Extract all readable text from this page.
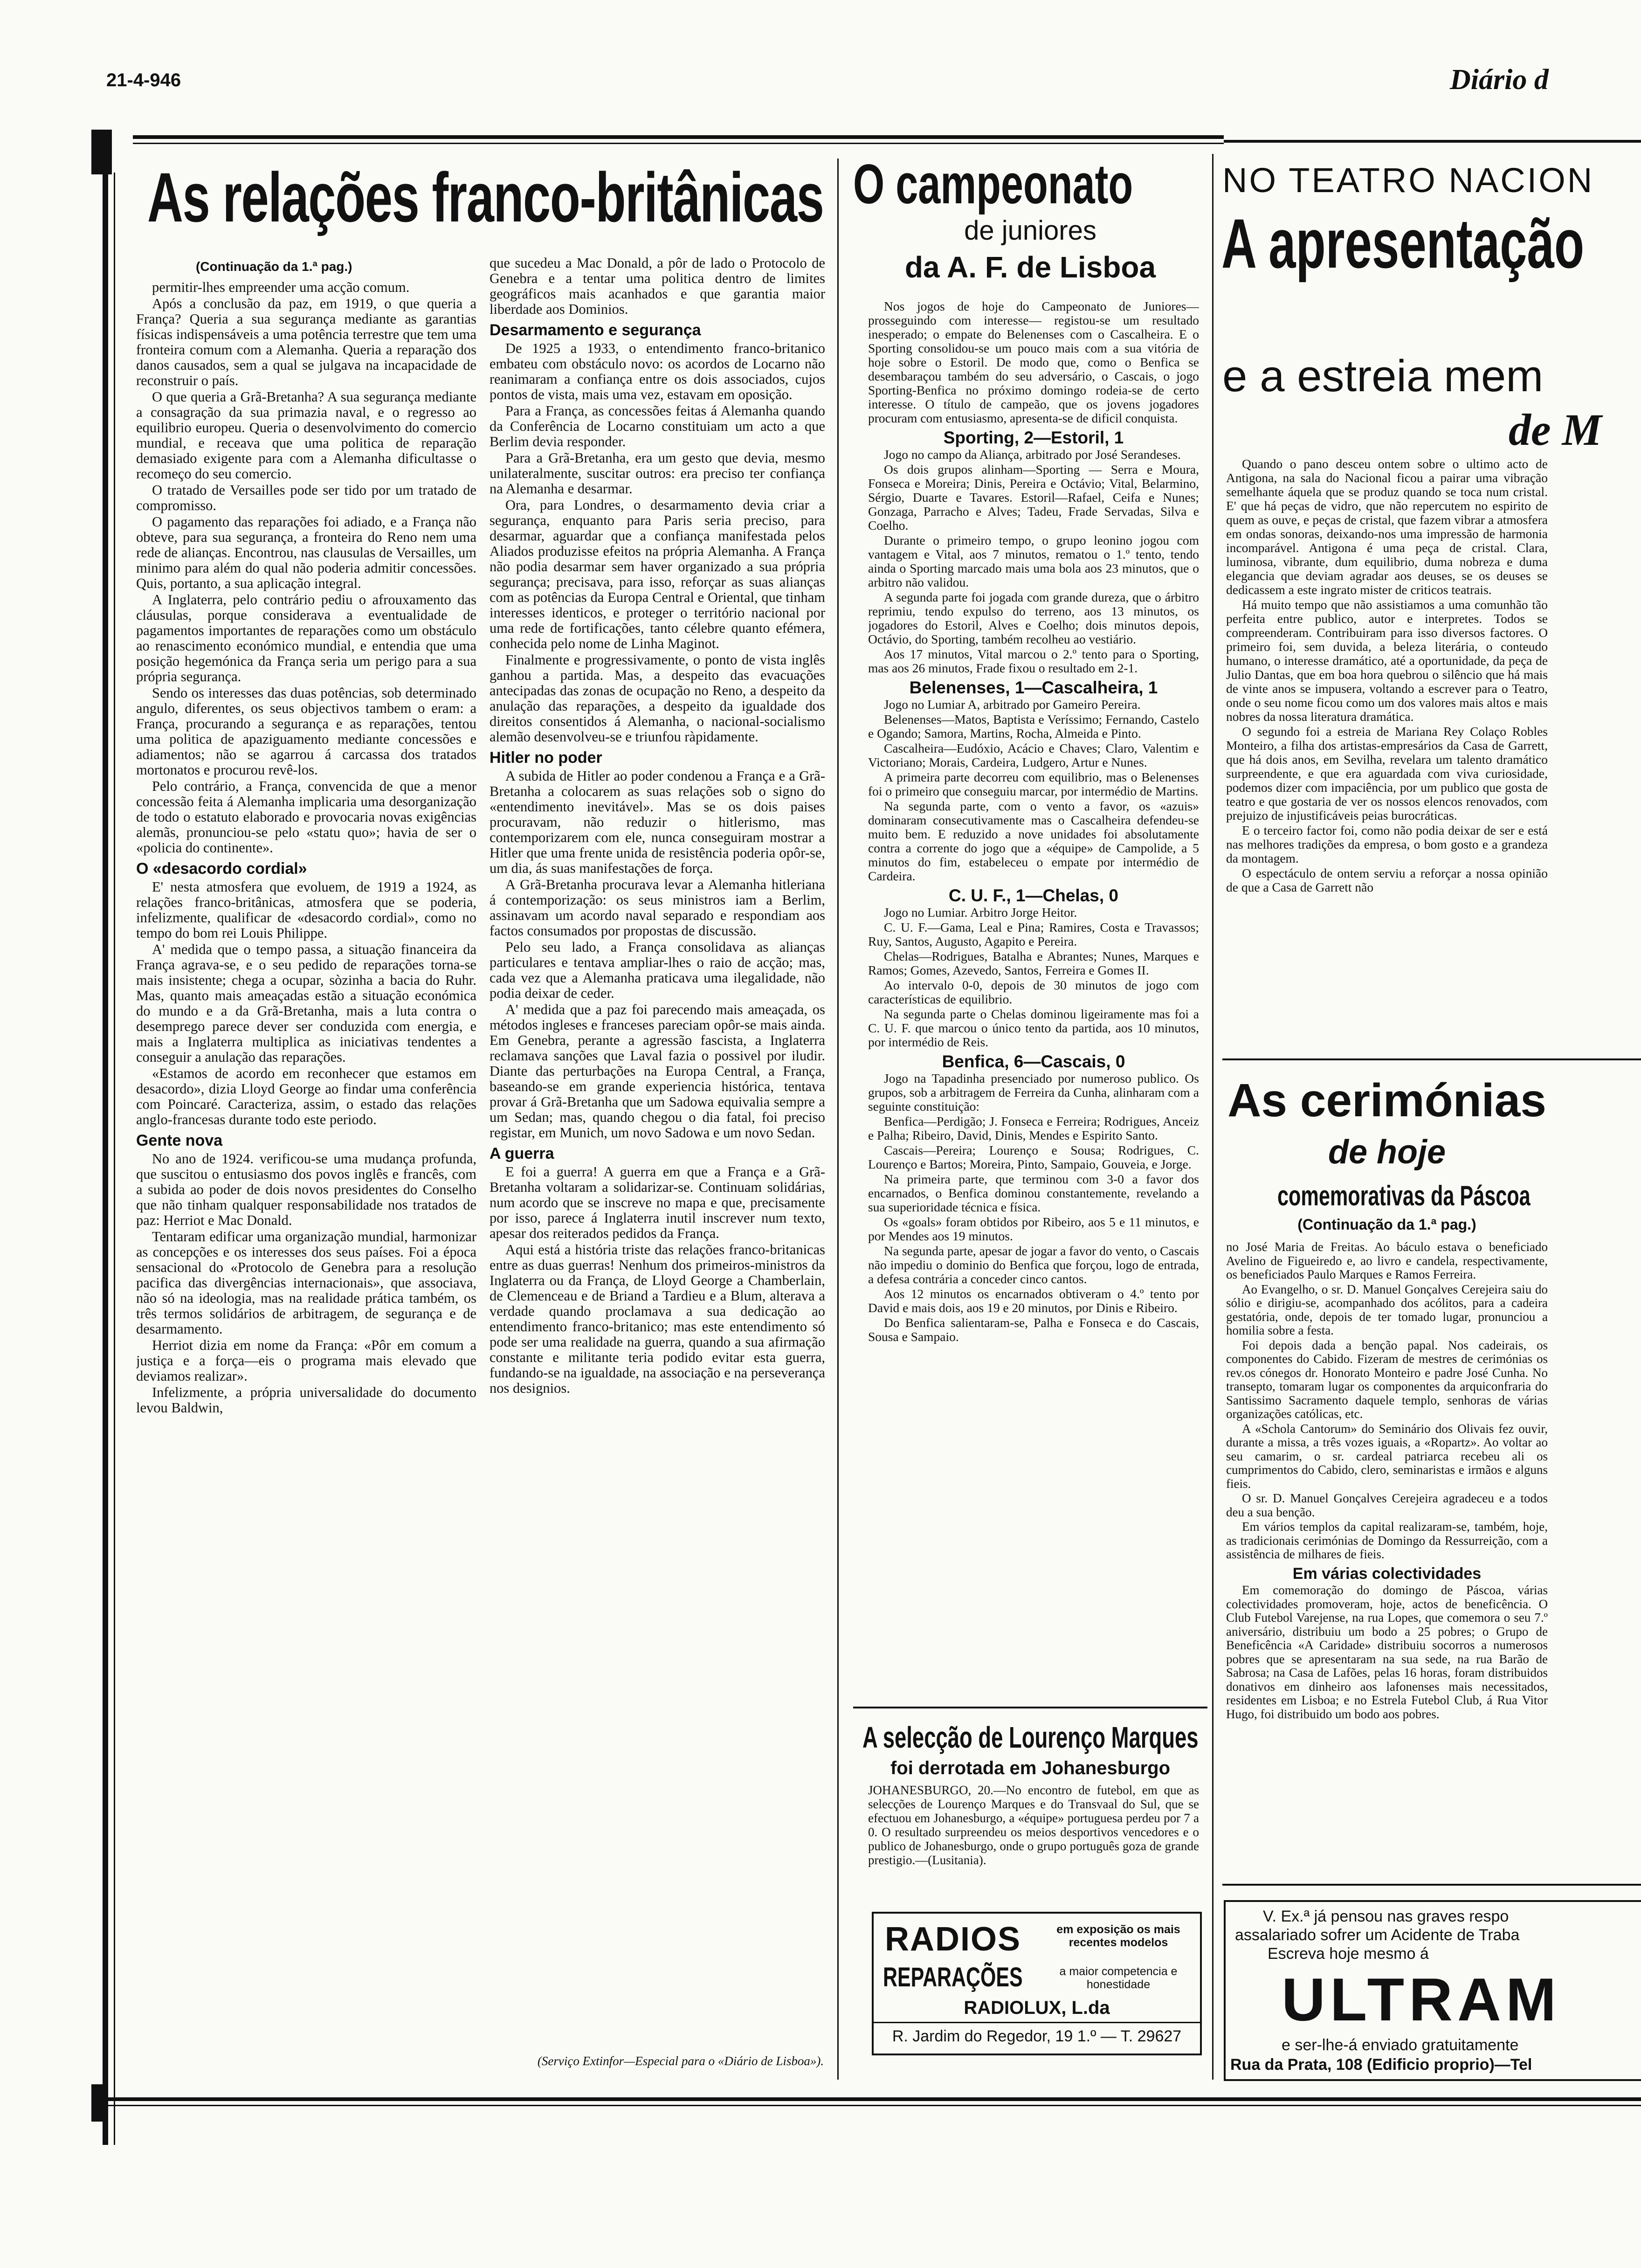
21-4-946	Diário d
As relações franco-britânicas
(Continuação da 1.ª pag.)

permitir-lhes empreender uma acção comum.

Após a conclusão da paz, em 1919, o que queria a França? Queria a sua segurança mediante as garantias físicas indispensáveis a uma potência terrestre que tem uma fronteira comum com a Alemanha. Queria a reparação dos danos causados, sem a qual se julgava na incapacidade de reconstruir o país.

O que queria a Grã-Bretanha? A sua segurança mediante a consagração da sua primazia naval, e o regresso ao equilibrio europeu. Queria o desenvolvimento do comercio mundial, e receava que uma politica de reparação demasiado exigente para com a Alemanha dificultasse o recomeço do seu comercio.

O tratado de Versailles pode ser tido por um tratado de compromisso.

O pagamento das reparações foi adiado, e a França não obteve, para sua segurança, a fronteira do Reno nem uma rede de alianças. Encontrou, nas clausulas de Versailles, um minimo para além do qual não poderia admitir concessões. Quis, portanto, a sua aplicação integral.

A Inglaterra, pelo contrário pediu o afrouxamento das cláusulas, porque considerava a eventualidade de pagamentos importantes de reparações como um obstáculo ao renascimento económico mundial, e entendia que uma posição hegemónica da França seria um perigo para a sua própria segurança.

Sendo os interesses das duas potências, sob determinado angulo, diferentes, os seus objectivos tambem o eram: a França, procurando a segurança e as reparações, tentou uma politica de apaziguamento mediante concessões e adiamentos; não se agarrou á carcassa dos tratados mortonatos e procurou revê-los.

Pelo contrário, a França, convencida de que a menor concessão feita á Alemanha implicaria uma desorganização de todo o estatuto elaborado e provocaria novas exigências alemãs, pronunciou-se pelo «statu quo»; havia de ser o «policia do continente».

O «desacordo cordial»

E' nesta atmosfera que evoluem, de 1919 a 1924, as relações franco-britânicas, atmosfera que se poderia, infelizmente, qualificar de «desacordo cordial», como no tempo do bom rei Louis Philippe.

A' medida que o tempo passa, a situação financeira da França agrava-se, e o seu pedido de reparações torna-se mais insistente; chega a ocupar, sòzinha a bacia do Ruhr. Mas, quanto mais ameaçadas estão a situação económica do mundo e a da Grã-Bretanha, mais a luta contra o desemprego parece dever ser conduzida com energia, e mais a Inglaterra multiplica as iniciativas tendentes a conseguir a anulação das reparações.

«Estamos de acordo em reconhecer que estamos em desacordo», dizia Lloyd George ao findar uma conferência com Poincaré. Caracteriza, assim, o estado das relações anglo-francesas durante todo este periodo.

Gente nova

No ano de 1924. verificou-se uma mudança profunda, que suscitou o entusiasmo dos povos inglês e francês, com a subida ao poder de dois novos presidentes do Conselho que não tinham qualquer responsabilidade nos tratados de paz: Herriot e Mac Donald.

Tentaram edificar uma organização mundial, harmonizar as concepções e os interesses dos seus países. Foi a época sensacional do «Protocolo de Genebra para a resolução pacifica das divergências internacionais», que associava, não só na ideologia, mas na realidade prática também, os três termos solidários de arbitragem, de segurança e de desarmamento.

Herriot dizia em nome da França: «Pôr em comum a justiça e a força—eis o programa mais elevado que deviamos realizar».

Infelizmente, a própria universalidade do documento levou Baldwin,

que sucedeu a Mac Donald, a pôr de lado o Protocolo de Genebra e a tentar uma politica dentro de limites geográficos mais acanhados e que garantia maior liberdade aos Dominios.

Desarmamento e segurança

De 1925 a 1933, o entendimento franco-britanico embateu com obstáculo novo: os acordos de Locarno não reanimaram a confiança entre os dois associados, cujos pontos de vista, mais uma vez, estavam em oposição.

Para a França, as concessões feitas á Alemanha quando da Conferência de Locarno constituiam um acto a que Berlim devia responder.

Para a Grã-Bretanha, era um gesto que devia, mesmo unilateralmente, suscitar outros: era preciso ter confiança na Alemanha e desarmar.

Ora, para Londres, o desarmamento devia criar a segurança, enquanto para Paris seria preciso, para desarmar, aguardar que a confiança manifestada pelos Aliados produzisse efeitos na própria Alemanha. A França não podia desarmar sem haver organizado a sua própria segurança; precisava, para isso, reforçar as suas alianças com as potências da Europa Central e Oriental, que tinham interesses identicos, e proteger o território nacional por uma rede de fortificações, tanto célebre quanto efémera, conhecida pelo nome de Linha Maginot.

Finalmente e progressivamente, o ponto de vista inglês ganhou a partida. Mas, a despeito das evacuações antecipadas das zonas de ocupação no Reno, a despeito da anulação das reparações, a despeito da igualdade dos direitos consentidos á Alemanha, o nacional-socialismo alemão desenvolveu-se e triunfou ràpidamente.

Hitler no poder

A subida de Hitler ao poder condenou a França e a Grã-Bretanha a colocarem as suas relações sob o signo do «entendimento inevitável». Mas se os dois paises procuravam, não reduzir o hitlerismo, mas contemporizarem com ele, nunca conseguiram mostrar a Hitler que uma frente unida de resistência poderia opôr-se, um dia, ás suas manifestações de força.

A Grã-Bretanha procurava levar a Alemanha hitleriana á contemporização: os seus ministros iam a Berlim, assinavam um acordo naval separado e respondiam aos factos consumados por propostas de discussão.

Pelo seu lado, a França consolidava as alianças particulares e tentava ampliar-lhes o raio de acção; mas, cada vez que a Alemanha praticava uma ilegalidade, não podia deixar de ceder.

A' medida que a paz foi parecendo mais ameaçada, os métodos ingleses e franceses pareciam opôr-se mais ainda. Em Genebra, perante a agressão fascista, a Inglaterra reclamava sanções que Laval fazia o possivel por iludir. Diante das perturbações na Europa Central, a França, baseando-se em grande experiencia histórica, tentava provar á Grã-Bretanha que um Sadowa equivalia sempre a um Sedan; mas, quando chegou o dia fatal, foi preciso registar, em Munich, um novo Sadowa e um novo Sedan.

A guerra

E foi a guerra! A guerra em que a França e a Grã-Bretanha voltaram a solidarizar-se. Continuam solidárias, num acordo que se inscreve no mapa e que, precisamente por isso, parece á Inglaterra inutil inscrever num texto, apesar dos reiterados pedidos da França.

Aqui está a história triste das relações franco-britanicas entre as duas guerras! Nenhum dos primeiros-ministros da Inglaterra ou da França, de Lloyd George a Chamberlain, de Clemenceau e de Briand a Tardieu e a Blum, alterava a verdade quando proclamava a sua dedicação ao entendimento franco-britanico; mas este entendimento só pode ser uma realidade na guerra, quando a sua afirmação constante e militante teria podido evitar esta guerra, fundando-se na igualdade, na associação e na perseverança nos designios.

(Serviço Extinfor—Especial para o «Diário de Lisboa»).
O campeonato
de juniores
da A. F. de Lisboa

Nos jogos de hoje do Campeonato de Juniores—prosseguindo com interesse— registou-se um resultado inesperado; o empate do Belenenses com o Cascalheira. E o Sporting consolidou-se um pouco mais com a sua vitória de hoje sobre o Estoril. De modo que, como o Benfica se desembaraçou também do seu adversário, o Cascais, o jogo Sporting-Benfica no próximo domingo rodeia-se de certo interesse. O título de campeão, que os jovens jogadores procuram com entusiasmo, apresenta-se de dificil conquista.

Sporting, 2—Estoril, 1

Jogo no campo da Aliança, arbitrado por José Serandeses.

Os dois grupos alinham—Sporting — Serra e Moura, Fonseca e Moreira; Dinis, Pereira e Octávio; Vital, Belarmino, Sérgio, Duarte e Tavares. Estoril—Rafael, Ceifa e Nunes; Gonzaga, Parracho e Alves; Tadeu, Frade Servadas, Silva e Coelho.

Durante o primeiro tempo, o grupo leonino jogou com vantagem e Vital, aos 7 minutos, rematou o 1.º tento, tendo ainda o Sporting marcado mais uma bola aos 23 minutos, que o arbitro não validou.

A segunda parte foi jogada com grande dureza, que o árbitro reprimiu, tendo expulso do terreno, aos 13 minutos, os jogadores do Estoril, Alves e Coelho; dois minutos depois, Octávio, do Sporting, também recolheu ao vestiário.

Aos 17 minutos, Vital marcou o 2.º tento para o Sporting, mas aos 26 minutos, Frade fixou o resultado em 2-1.

Belenenses, 1—Cascalheira, 1

Jogo no Lumiar A, arbitrado por Gameiro Pereira.

Belenenses—Matos, Baptista e Veríssimo; Fernando, Castelo e Ogando; Samora, Martins, Rocha, Almeida e Pinto.

Cascalheira—Eudóxio, Acácio e Chaves; Claro, Valentim e Victoriano; Morais, Cardeira, Ludgero, Artur e Nunes.

A primeira parte decorreu com equilibrio, mas o Belenenses foi o primeiro que conseguiu marcar, por intermédio de Martins.

Na segunda parte, com o vento a favor, os «azuis» dominaram consecutivamente mas o Cascalheira defendeu-se muito bem. E reduzido a nove unidades foi absolutamente contra a corrente do jogo que a «équipe» de Campolide, a 5 minutos do fim, estabeleceu o empate por intermédio de Cardeira.

C. U. F., 1—Chelas, 0

Jogo no Lumiar. Arbitro Jorge Heitor.

C. U. F.—Gama, Leal e Pina; Ramires, Costa e Travassos; Ruy, Santos, Augusto, Agapito e Pereira.

Chelas—Rodrigues, Batalha e Abrantes; Nunes, Marques e Ramos; Gomes, Azevedo, Santos, Ferreira e Gomes II.

Ao intervalo 0-0, depois de 30 minutos de jogo com características de equilibrio.

Na segunda parte o Chelas dominou ligeiramente mas foi a C. U. F. que marcou o único tento da partida, aos 10 minutos, por intermédio de Reis.

Benfica, 6—Cascais, 0

Jogo na Tapadinha presenciado por numeroso publico. Os grupos, sob a arbitragem de Ferreira da Cunha, alinharam com a seguinte constituição:

Benfica—Perdigão; J. Fonseca e Ferreira; Rodrigues, Anceiz e Palha; Ribeiro, David, Dinis, Mendes e Espirito Santo.

Cascais—Pereira; Lourenço e Sousa; Rodrigues, C. Lourenço e Bartos; Moreira, Pinto, Sampaio, Gouveia, e Jorge.

Na primeira parte, que terminou com 3-0 a favor dos encarnados, o Benfica dominou constantemente, revelando a sua superioridade técnica e física.

Os «goals» foram obtidos por Ribeiro, aos 5 e 11 minutos, e por Mendes aos 19 minutos.

Na segunda parte, apesar de jogar a favor do vento, o Cascais não impediu o dominio do Benfica que forçou, logo de entrada, a defesa contrária a conceder cinco cantos.

Aos 12 minutos os encarnados obtiveram o 4.º tento por David e mais dois, aos 19 e 20 minutos, por Dinis e Ribeiro.

Do Benfica salientaram-se, Palha e Fonseca e do Cascais, Sousa e Sampaio.

A selecção de Lourenço Marques
foi derrotada em Johanesburgo

JOHANESBURGO, 20.—No encontro de futebol, em que as selecções de Lourenço Marques e do Transvaal do Sul, que se efectuou em Johanesburgo, a «équipe» portuguesa perdeu por 7 a 0. O resultado surpreendeu os meios desportivos vencedores e o publico de Johanesburgo, onde o grupo português goza de grande prestigio.—(Lusitania).

RADIOS	em exposição os mais recentes modelos
REPARAÇÕES	a maior competencia e honestidade
RADIOLUX, L.da
R. Jardim do Regedor, 19 1.º — T. 29627
NO TEATRO NACION
A apresentação
e a estreia mem
de M

Quando o pano desceu ontem sobre o ultimo acto de Antigona, na sala do Nacional ficou a pairar uma vibração semelhante áquela que se produz quando se toca num cristal. E' que há peças de vidro, que não repercutem no espirito de quem as ouve, e peças de cristal, que fazem vibrar a atmosfera em ondas sonoras, deixando-nos uma impressão de harmonia incomparável. Antigona é uma peça de cristal. Clara, luminosa, vibrante, dum equilibrio, duma nobreza e duma elegancia que deviam agradar aos deuses, se os deuses se dedicassem a este ingrato mister de criticos teatrais.

Há muito tempo que não assistiamos a uma comunhão tão perfeita entre publico, autor e interpretes. Todos se compreenderam. Contribuiram para isso diversos factores. O primeiro foi, sem duvida, a beleza literária, o conteudo humano, o interesse dramático, até a oportunidade, da peça de Julio Dantas, que em boa hora quebrou o silêncio que há mais de vinte anos se impusera, voltando a escrever para o Teatro, onde o seu nome ficou como um dos valores mais altos e mais nobres da nossa literatura dramática.

O segundo foi a estreia de Mariana Rey Colaço Robles Monteiro, a filha dos artistas-empresários da Casa de Garrett, que há dois anos, em Sevilha, revelara um talento dramático surpreendente, e que era aguardada com viva curiosidade, podemos dizer com impaciência, por um publico que gosta de teatro e que gostaria de ver os nossos elencos renovados, com prejuizo de injustificáveis peias burocráticas.

E o terceiro factor foi, como não podia deixar de ser e está nas melhores tradições da empresa, o bom gosto e a grandeza da montagem.

O espectáculo de ontem serviu a reforçar a nossa opinião de que a Casa de Garrett não

As cerimónias
de hoje
comemorativas da Páscoa
(Continuação da 1.ª pag.)

no José Maria de Freitas. Ao báculo estava o beneficiado Avelino de Figueiredo e, ao livro e candela, respectivamente, os beneficiados Paulo Marques e Ramos Ferreira.

Ao Evangelho, o sr. D. Manuel Gonçalves Cerejeira saiu do sólio e dirigiu-se, acompanhado dos acólitos, para a cadeira gestatória, onde, depois de ter tomado lugar, pronunciou a homilia sobre a festa.

Foi depois dada a benção papal. Nos cadeirais, os componentes do Cabido. Fizeram de mestres de cerimónias os rev.os cónegos dr. Honorato Monteiro e padre José Cunha. No transepto, tomaram lugar os componentes da arquiconfraria do Santissimo Sacramento daquele templo, senhoras de várias organizações católicas, etc.

A «Schola Cantorum» do Seminário dos Olivais fez ouvir, durante a missa, a três vozes iguais, a «Ropartz». Ao voltar ao seu camarim, o sr. cardeal patriarca recebeu ali os cumprimentos do Cabido, clero, seminaristas e irmãos e alguns fieis.

O sr. D. Manuel Gonçalves Cerejeira agradeceu e a todos deu a sua benção.

Em vários templos da capital realizaram-se, também, hoje, as tradicionais cerimónias de Domingo da Ressurreição, com a assistência de milhares de fieis.

Em várias colectividades

Em comemoração do domingo de Páscoa, várias colectividades promoveram, hoje, actos de beneficência. O Club Futebol Varejense, na rua Lopes, que comemora o seu 7.º aniversário, distribuiu um bodo a 25 pobres; o Grupo de Beneficência «A Caridade» distribuiu socorros a numerosos pobres que se apresentaram na sua sede, na rua Barão de Sabrosa; na Casa de Lafões, pelas 16 horas, foram distribuidos donativos em dinheiro aos lafonenses mais necessitados, residentes em Lisboa; e no Estrela Futebol Club, á Rua Vitor Hugo, foi distribuido um bodo aos pobres.

V. Ex.ª já pensou nas graves respo
assalariado sofrer um Acidente de Traba
Escreva hoje mesmo á
ULTRAM
e ser-lhe-á enviado gratuitamente
Rua da Prata, 108 (Edificio proprio)—Tel
